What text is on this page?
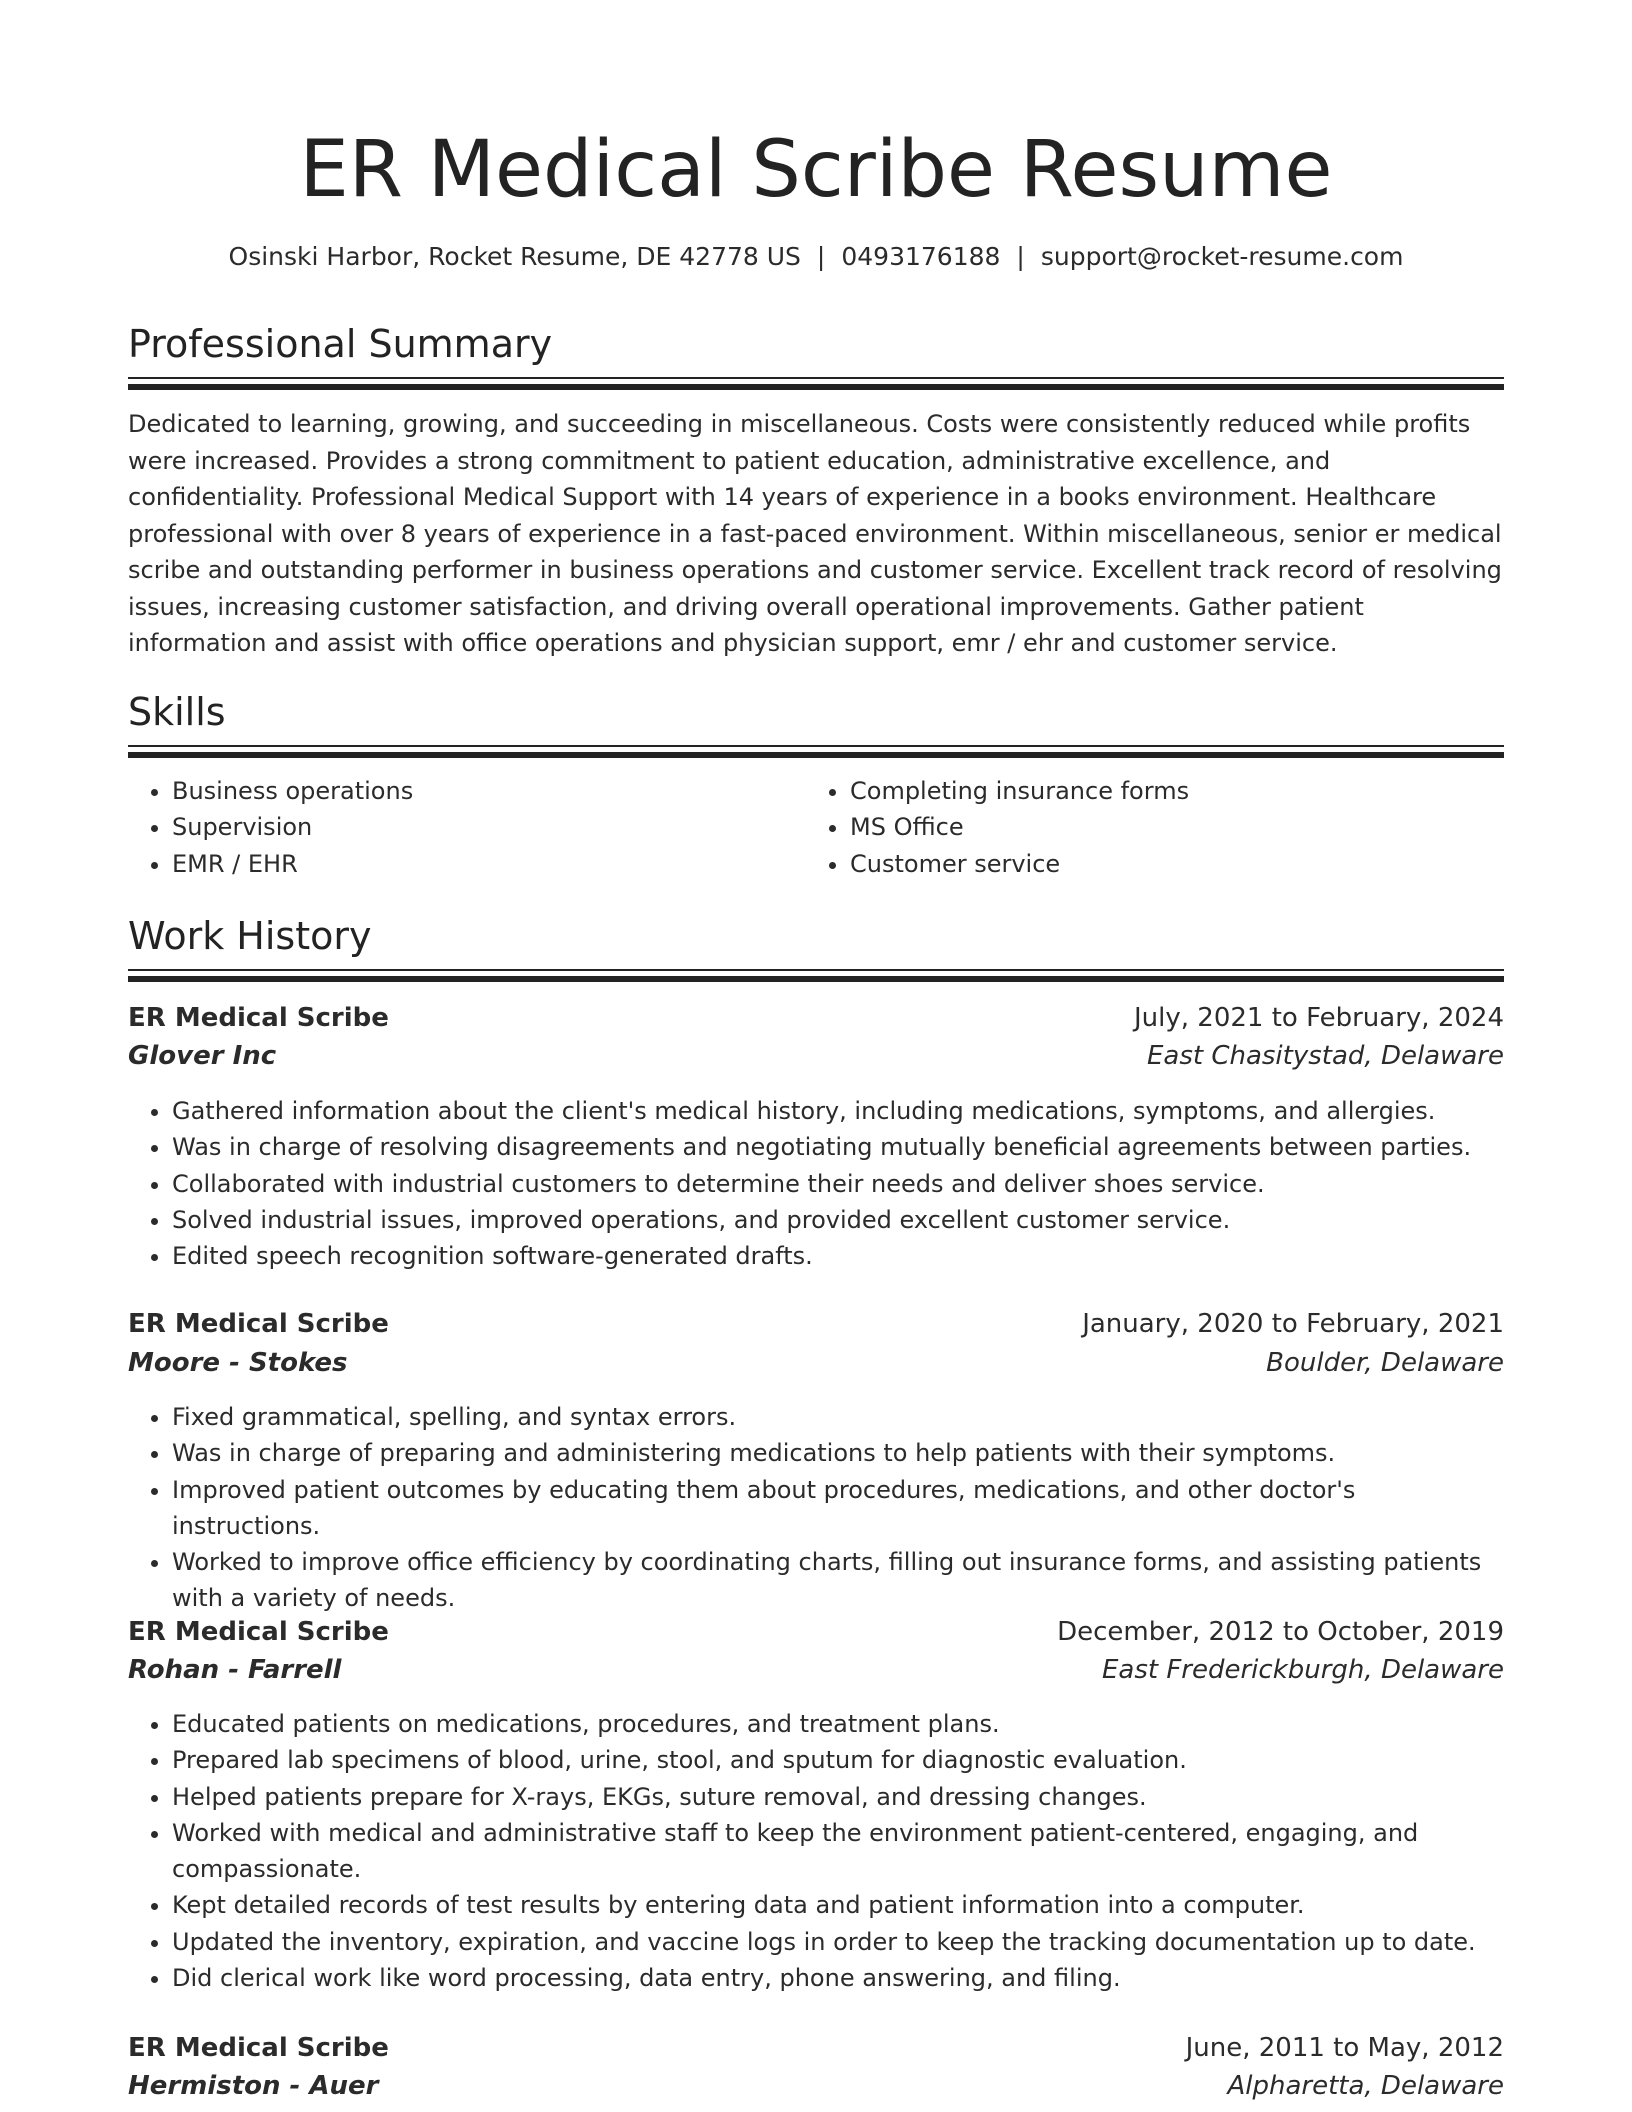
ER Medical Scribe Resume
Osinski Harbor, Rocket Resume, DE 42778 US | 0493176188 | support@rocket-resume.com
Professional Summary

Dedicated to learning, growing, and succeeding in miscellaneous. Costs were consistently reduced while profits were increased. Provides a strong commitment to patient education, administrative excellence, and confidentiality. Professional Medical Support with 14 years of experience in a books environment. Healthcare professional with over 8 years of experience in a fast-paced environment. Within miscellaneous, senior er medical scribe and outstanding performer in business operations and customer service. Excellent track record of resolving issues, increasing customer satisfaction, and driving overall operational improvements. Gather patient information and assist with office operations and physician support, emr / ehr and customer service.

Skills
• Business operations
• Supervision
• EMR / EHR
• Completing insurance forms
• MS Office
• Customer service
Work History
ER Medical Scribe	July, 2021 to February, 2024
Glover Inc	East Chasitystad, Delaware
• Gathered information about the client's medical history, including medications, symptoms, and allergies.
• Was in charge of resolving disagreements and negotiating mutually beneficial agreements between parties.
• Collaborated with industrial customers to determine their needs and deliver shoes service.
• Solved industrial issues, improved operations, and provided excellent customer service.
• Edited speech recognition software-generated drafts.
ER Medical Scribe	January, 2020 to February, 2021
Moore - Stokes	Boulder, Delaware
• Fixed grammatical, spelling, and syntax errors.
• Was in charge of preparing and administering medications to help patients with their symptoms.
• Improved patient outcomes by educating them about procedures, medications, and other doctor's instructions.
• Worked to improve office efficiency by coordinating charts, filling out insurance forms, and assisting patients with a variety of needs.
ER Medical Scribe	December, 2012 to October, 2019
Rohan - Farrell	East Frederickburgh, Delaware
• Educated patients on medications, procedures, and treatment plans.
• Prepared lab specimens of blood, urine, stool, and sputum for diagnostic evaluation.
• Helped patients prepare for X-rays, EKGs, suture removal, and dressing changes.
• Worked with medical and administrative staff to keep the environment patient-centered, engaging, and compassionate.
• Kept detailed records of test results by entering data and patient information into a computer.
• Updated the inventory, expiration, and vaccine logs in order to keep the tracking documentation up to date.
• Did clerical work like word processing, data entry, phone answering, and filing.
ER Medical Scribe	June, 2011 to May, 2012
Hermiston - Auer	Alpharetta, Delaware
